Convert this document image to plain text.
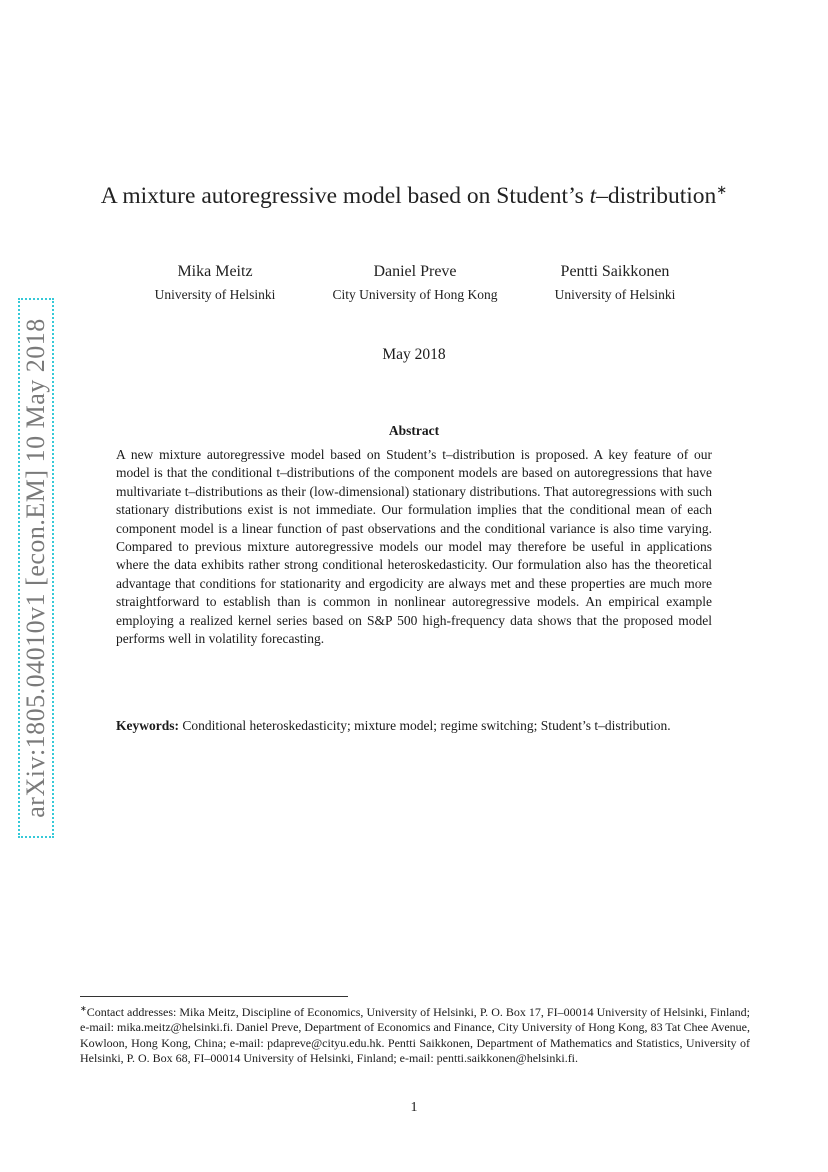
arXiv:1805.04010v1 [econ.EM] 10 May 2018
A mixture autoregressive model based on Student’s t–distribution∗
Mika Meitz
University of Helsinki
Daniel Preve
City University of Hong Kong
Pentti Saikkonen
University of Helsinki
May 2018
Abstract

A new mixture autoregressive model based on Student’s t–distribution is proposed. A key feature of our model is that the conditional t–distributions of the component models are based on autoregressions that have multivariate t–distributions as their (low-dimensional) stationary distributions. That autoregressions with such stationary distributions exist is not immediate. Our formulation implies that the conditional mean of each component model is a linear function of past observations and the conditional variance is also time varying. Compared to previous mixture autoregressive models our model may therefore be useful in applications where the data exhibits rather strong conditional heteroskedasticity. Our formulation also has the theoretical advantage that conditions for stationarity and ergodicity are always met and these properties are much more straightforward to establish than is common in nonlinear autoregressive models. An empirical example employing a realized kernel series based on S&P 500 high-frequency data shows that the proposed model performs well in volatility forecasting.

Keywords: Conditional heteroskedasticity; mixture model; regime switching; Student’s t–distribution.

∗Contact addresses: Mika Meitz, Discipline of Economics, University of Helsinki, P. O. Box 17, FI–00014 University of Helsinki, Finland; e-mail: mika.meitz@helsinki.fi. Daniel Preve, Department of Economics and Finance, City University of Hong Kong, 83 Tat Chee Avenue, Kowloon, Hong Kong, China; e-mail: pdapreve@cityu.edu.hk. Pentti Saikkonen, Department of Mathematics and Statistics, University of Helsinki, P. O. Box 68, FI–00014 University of Helsinki, Finland; e-mail: pentti.saikkonen@helsinki.fi.

1
